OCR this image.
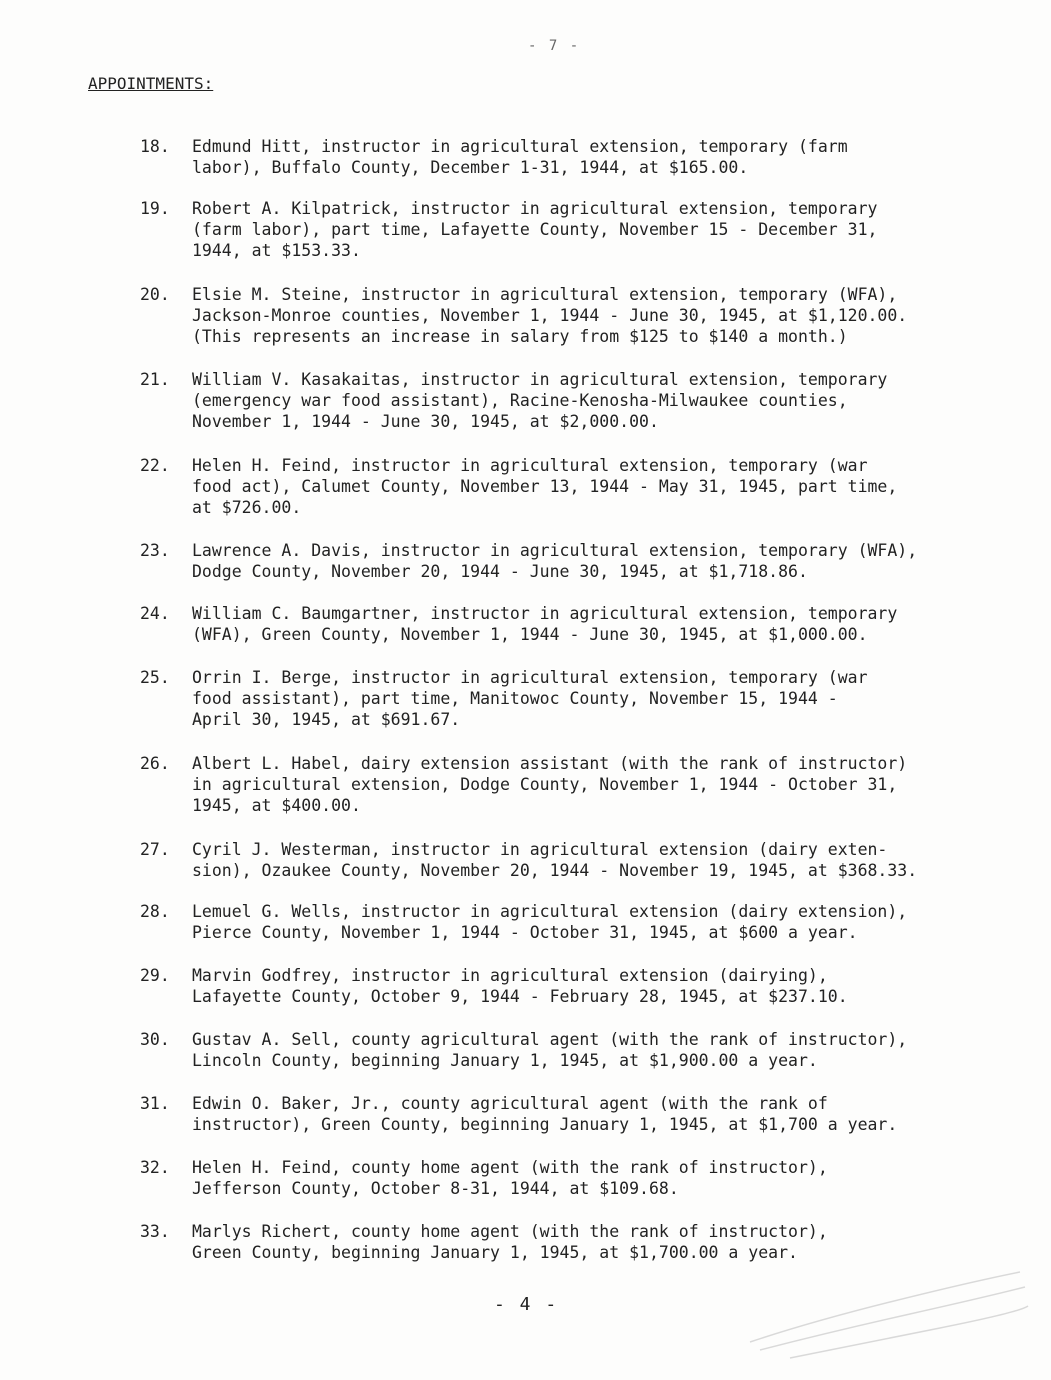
- 7 -
APPOINTMENTS:
18.	Edmund Hitt, instructor in agricultural extension, temporary (farm
labor), Buffalo County, December 1-31, 1944, at $165.00.
19.	Robert A. Kilpatrick, instructor in agricultural extension, temporary
(farm labor), part time, Lafayette County, November 15 - December 31,
1944, at $153.33.
20.	Elsie M. Steine, instructor in agricultural extension, temporary (WFA),
Jackson-Monroe counties, November 1, 1944 - June 30, 1945, at $1,120.00.
(This represents an increase in salary from $125 to $140 a month.)
21.	William V. Kasakaitas, instructor in agricultural extension, temporary
(emergency war food assistant), Racine-Kenosha-Milwaukee counties,
November 1, 1944 - June 30, 1945, at $2,000.00.
22.	Helen H. Feind, instructor in agricultural extension, temporary (war
food act), Calumet County, November 13, 1944 - May 31, 1945, part time,
at $726.00.
23.	Lawrence A. Davis, instructor in agricultural extension, temporary (WFA),
Dodge County, November 20, 1944 - June 30, 1945, at $1,718.86.
24.	William C. Baumgartner, instructor in agricultural extension, temporary
(WFA), Green County, November 1, 1944 - June 30, 1945, at $1,000.00.
25.	Orrin I. Berge, instructor in agricultural extension, temporary (war
food assistant), part time, Manitowoc County, November 15, 1944 -
April 30, 1945, at $691.67.
26.	Albert L. Habel, dairy extension assistant (with the rank of instructor)
in agricultural extension, Dodge County, November 1, 1944 - October 31,
1945, at $400.00.
27.	Cyril J. Westerman, instructor in agricultural extension (dairy exten-
sion), Ozaukee County, November 20, 1944 - November 19, 1945, at $368.33.
28.	Lemuel G. Wells, instructor in agricultural extension (dairy extension),
Pierce County, November 1, 1944 - October 31, 1945, at $600 a year.
29.	Marvin Godfrey, instructor in agricultural extension (dairying),
Lafayette County, October 9, 1944 - February 28, 1945, at $237.10.
30.	Gustav A. Sell, county agricultural agent (with the rank of instructor),
Lincoln County, beginning January 1, 1945, at $1,900.00 a year.
31.	Edwin O. Baker, Jr., county agricultural agent (with the rank of
instructor), Green County, beginning January 1, 1945, at $1,700 a year.
32.	Helen H. Feind, county home agent (with the rank of instructor),
Jefferson County, October 8-31, 1944, at $109.68.
33.	Marlys Richert, county home agent (with the rank of instructor),
Green County, beginning January 1, 1945, at $1,700.00 a year.
- 4 -
